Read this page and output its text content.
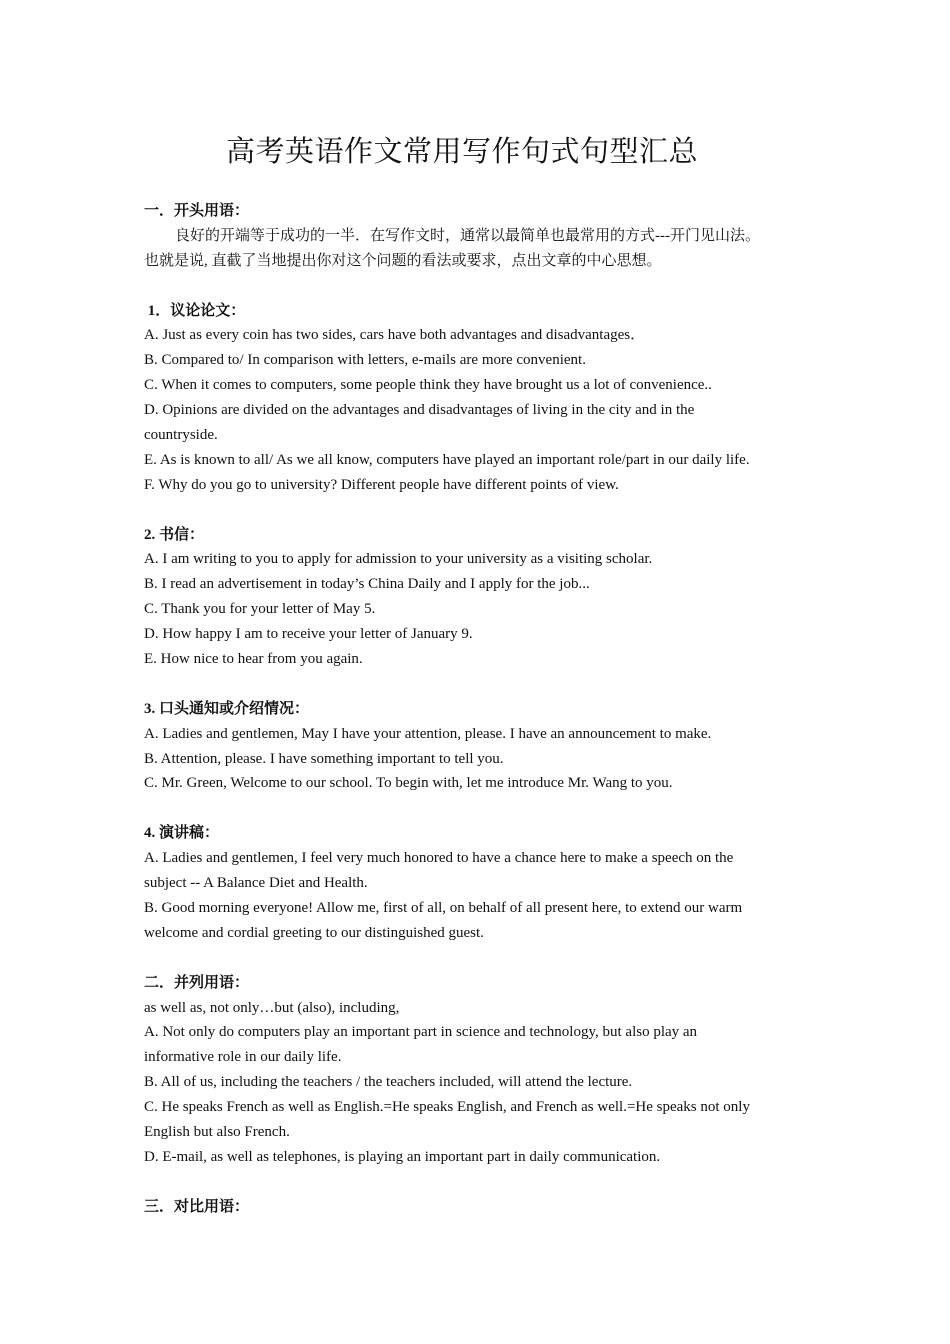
高考英语作文常用写作句式句型汇总
一．开头用语：
良好的开端等于成功的一半．在写作文时，通常以最简单也最常用的方式---开门见山法。
也就是说, 直截了当地提出你对这个问题的看法或要求，点出文章的中心思想。
1．议论论文：
A. Just as every coin has two sides, cars have both advantages and disadvantages．
B. Compared to/ In comparison with letters, e-mails are more convenient.
C. When it comes to computers, some people think they have brought us a lot of convenience..
D. Opinions are divided on the advantages and disadvantages of living in the city and in the
countryside.
E. As is known to all/ As we all know, computers have played an important role/part in our daily life.
F. Why do you go to university? Different people have different points of view.
2. 书信：
A. I am writing to you to apply for admission to your university as a visiting scholar.
B. I read an advertisement in today’s China Daily and I apply for the job...
C. Thank you for your letter of May 5.
D. How happy I am to receive your letter of January 9.
E. How nice to hear from you again.
3. 口头通知或介绍情况：
A. Ladies and gentlemen, May I have your attention, please. I have an announcement to make.
B. Attention, please. I have something important to tell you.
C. Mr. Green, Welcome to our school. To begin with, let me introduce Mr. Wang to you.
4. 演讲稿：
A. Ladies and gentlemen, I feel very much honored to have a chance here to make a speech on the
subject -- A Balance Diet and Health.
B. Good morning everyone! Allow me, first of all, on behalf of all present here, to extend our warm
welcome and cordial greeting to our distinguished guest.
二．并列用语：
as well as, not only…but (also), including,
A. Not only do computers play an important part in science and technology, but also play an
informative role in our daily life.
B. All of us, including the teachers / the teachers included, will attend the lecture.
C. He speaks French as well as English.=He speaks English, and French as well.=He speaks not only
English but also French.
D. E-mail, as well as telephones, is playing an important part in daily communication.
三．对比用语：
